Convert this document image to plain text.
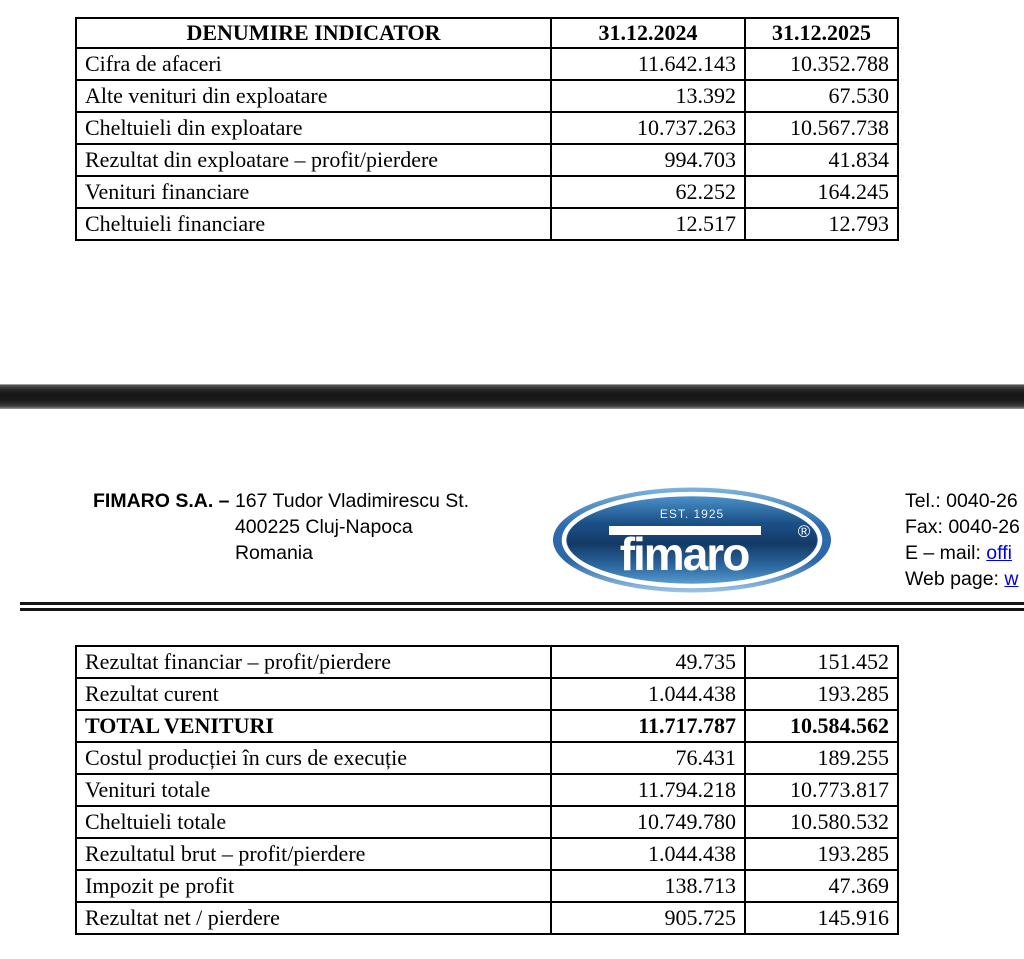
DENUMIRE INDICATOR	31.12.2024	31.12.2025
Cifra de afaceri	11.642.143	10.352.788
Alte venituri din exploatare	13.392	67.530
Cheltuieli din exploatare	10.737.263	10.567.738
Rezultat din exploatare – profit/pierdere	994.703	41.834
Venituri financiare	62.252	164.245
Cheltuieli financiare	12.517	12.793
FIMARO S.A. – 167 Tudor Vladimirescu St.
400225 Cluj-Napoca
Romania
EST. 1925
fimaro	®
Tel.: 0040-26
Fax: 0040-26
E – mail: offi
Web page: w
Rezultat financiar – profit/pierdere	49.735	151.452
Rezultat curent	1.044.438	193.285
TOTAL VENITURI	11.717.787	10.584.562
Costul producției în curs de execuție	76.431	189.255
Venituri totale	11.794.218	10.773.817
Cheltuieli totale	10.749.780	10.580.532
Rezultatul brut – profit/pierdere	1.044.438	193.285
Impozit pe profit	138.713	47.369
Rezultat net / pierdere	905.725	145.916
